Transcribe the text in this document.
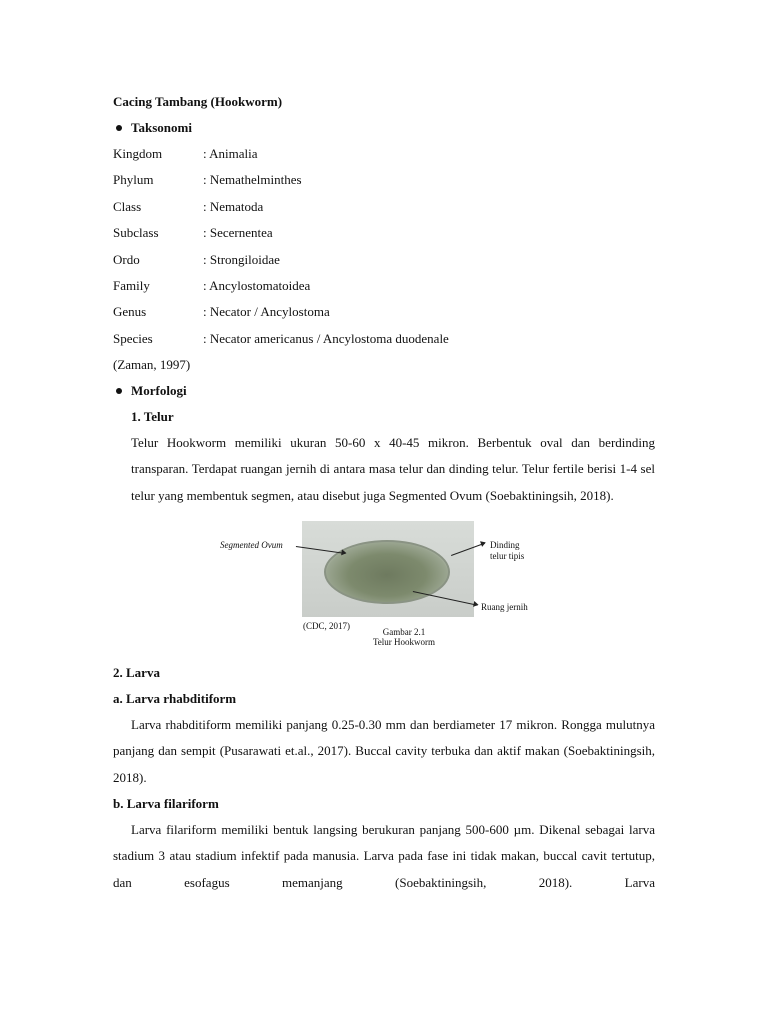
Cacing Tambang (Hookworm)
Taksonomi
Kingdom	: Animalia
Phylum	: Nemathelminthes
Class	: Nematoda
Subclass	: Secernentea
Ordo	: Strongiloidae
Family	: Ancylostomatoidea
Genus	: Necator / Ancylostoma
Species	: Necator americanus / Ancylostoma duodenale
(Zaman, 1997)
Morfologi
1. Telur

Telur Hookworm memiliki ukuran 50-60 x 40-45 mikron. Berbentuk oval dan berdinding transparan. Terdapat ruangan jernih di antara masa telur dan dinding telur. Telur fertile berisi 1-4 sel telur yang membentuk segmen, atau disebut juga Segmented Ovum (Soebaktiningsih, 2018).

Segmented Ovum	Dinding
telur tipis
Ruang jernih
(CDC, 2017)
Gambar 2.1
Telur Hookworm
2. Larva
a. Larva rhabditiform

Larva rhabditiform memiliki panjang 0.25-0.30 mm dan berdiameter 17 mikron. Rongga mulutnya panjang dan sempit (Pusarawati et.al., 2017). Buccal cavity terbuka dan aktif makan (Soebaktiningsih, 2018).

b. Larva filariform

Larva filariform memiliki bentuk langsing berukuran panjang 500-600 µm. Dikenal sebagai larva stadium 3 atau stadium infektif pada manusia. Larva pada fase ini tidak makan, buccal cavit tertutup, dan esofagus memanjang (Soebaktiningsih, 2018). Larva
